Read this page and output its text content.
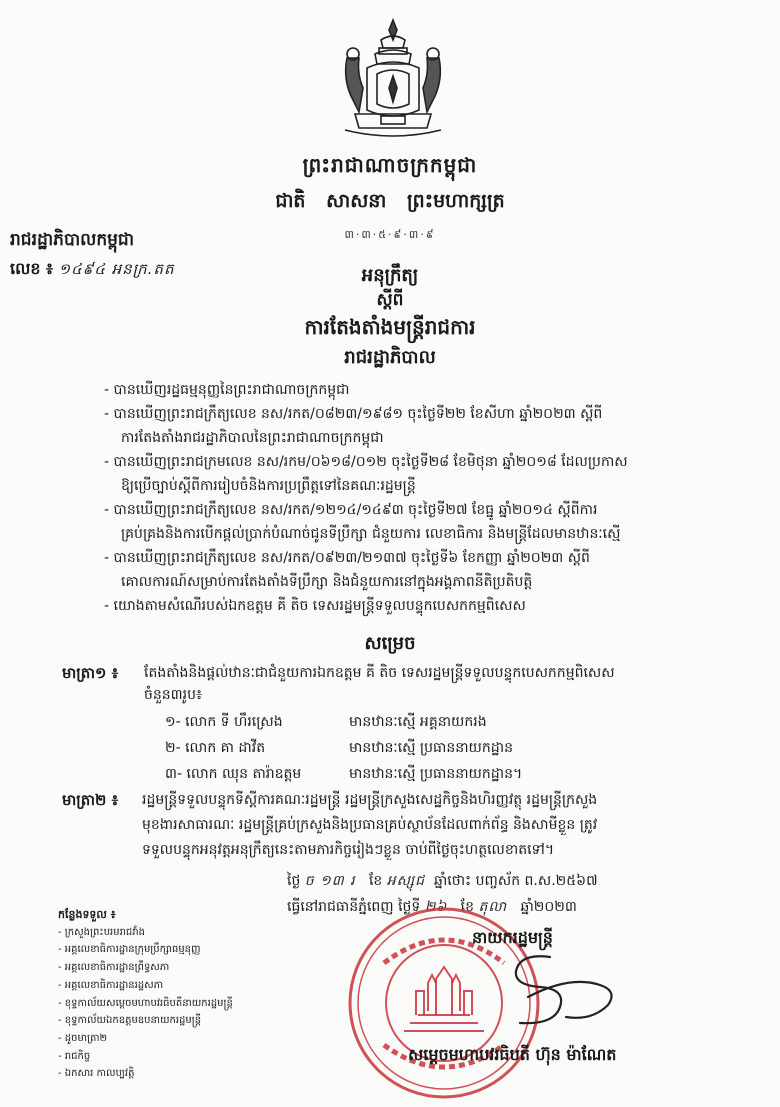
ព្រះរាជាណាចក្រកម្ពុជា
ជាតិ សាសនា ព្រះមហាក្សត្រ
៣·៣·៥·៩·៣·៩
រាជរដ្ឋាភិបាលកម្ពុជា
លេខ ៖ ១៤៩៤ អនក្រ.តត	អនុក្រឹត្យ
ស្តីពី
ការតែងតាំងមន្ត្រីរាជការ
រាជរដ្ឋាភិបាល
- បានឃើញរដ្ឋធម្មនុញ្ញនៃព្រះរាជាណាចក្រកម្ពុជា
- បានឃើញព្រះរាជក្រឹត្យលេខ នស/រកត/០៨២៣/១៩៨១ ចុះថ្ងៃទី២២ ខែសីហា ឆ្នាំ២០២៣ ស្តីពី
ការតែងតាំងរាជរដ្ឋាភិបាលនៃព្រះរាជាណាចក្រកម្ពុជា
- បានឃើញព្រះរាជក្រមលេខ នស/រកម/០៦១៨/០១២ ចុះថ្ងៃទី២៨ ខែមិថុនា ឆ្នាំ២០១៨ ដែលប្រកាស
ឱ្យប្រើច្បាប់ស្តីពីការរៀបចំនិងការប្រព្រឹត្តទៅនៃគណៈរដ្ឋមន្ត្រី
- បានឃើញព្រះរាជក្រឹត្យលេខ នស/រកត/១២១៤/១៤៩៣ ចុះថ្ងៃទី២៧ ខែធ្នូ ឆ្នាំ២០១៤ ស្តីពីការ
គ្រប់គ្រងនិងការបើកផ្តល់ប្រាក់បំណាច់ជូនទីប្រឹក្សា ជំនួយការ លេខាធិការ និងមន្ត្រីដែលមានឋានៈស្មើ
- បានឃើញព្រះរាជក្រឹត្យលេខ នស/រកត/០៩២៣/២១៣៧ ចុះថ្ងៃទី៦ ខែកញ្ញា ឆ្នាំ២០២៣ ស្តីពី
គោលការណ៍សម្រាប់ការតែងតាំងទីប្រឹក្សា និងជំនួយការនៅក្នុងអង្គភាពនីតិប្រតិបត្តិ
- យោងតាមសំណើរបស់ឯកឧត្តម គី តិច ទេសរដ្ឋមន្ត្រីទទួលបន្ទុកបេសកកម្មពិសេស
សម្រេច
មាត្រា១ ៖ តែងតាំងនិងផ្តល់ឋានៈជាជំនួយការឯកឧត្តម គី តិច ទេសរដ្ឋមន្ត្រីទទួលបន្ទុកបេសកកម្មពិសេស
ចំនួន៣រូប៖
១- លោក ទី ហឹរស្រេង	មានឋានៈស្មើ អគ្គនាយករង
២- លោក គា ដាវីត	មានឋានៈស្មើ ប្រធាននាយកដ្ឋាន
៣- លោក ឈុន តារ៉ាឧត្តម	មានឋានៈស្មើ ប្រធាននាយកដ្ឋាន។
មាត្រា២ ៖ រដ្ឋមន្ត្រីទទួលបន្ទុកទីស្តីការគណៈរដ្ឋមន្ត្រី រដ្ឋមន្ត្រីក្រសួងសេដ្ឋកិច្ចនិងហិរញ្ញវត្ថុ រដ្ឋមន្ត្រីក្រសួង
មុខងារសាធារណៈ រដ្ឋមន្ត្រីគ្រប់ក្រសួងនិងប្រធានគ្រប់ស្ថាប័នដែលពាក់ព័ន្ធ និងសាមីខ្លួន ត្រូវ
ទទួលបន្ទុកអនុវត្តអនុក្រឹត្យនេះតាមភារកិច្ចរៀងៗខ្លួន ចាប់ពីថ្ងៃចុះហត្ថលេខាតទៅ។
ថ្ងៃ ច ១៣ រ ខែ អស្សុជ ឆ្នាំថោះ បញ្ចស័ក ព.ស.២៥៦៧
ធ្វើនៅរាជធានីភ្នំពេញ ថ្ងៃទី ២៦ ខែ តុលា ឆ្នាំ២០២៣
នាយករដ្ឋមន្ត្រី
កន្លែងទទួល ៖
- ក្រសួងព្រះបរមរាជវាំង
- អគ្គលេខាធិការដ្ឋានក្រុមប្រឹក្សាធម្មនុញ្ញ
- អគ្គលេខាធិការដ្ឋានព្រឹទ្ធសភា
- អគ្គលេខាធិការដ្ឋានរដ្ឋសភា
- ខុទ្ទកាល័យសម្តេចមហាបវរធិបតីនាយករដ្ឋមន្ត្រី
- ខុទ្ទកាល័យឯកឧត្តមឧបនាយករដ្ឋមន្ត្រី
- ដូចមាត្រា២
- រាជកិច្ច
- ឯកសារ កាលប្បវត្តិ
សម្តេចមហាបវរធិបតី ហ៊ុន ម៉ាណែត
